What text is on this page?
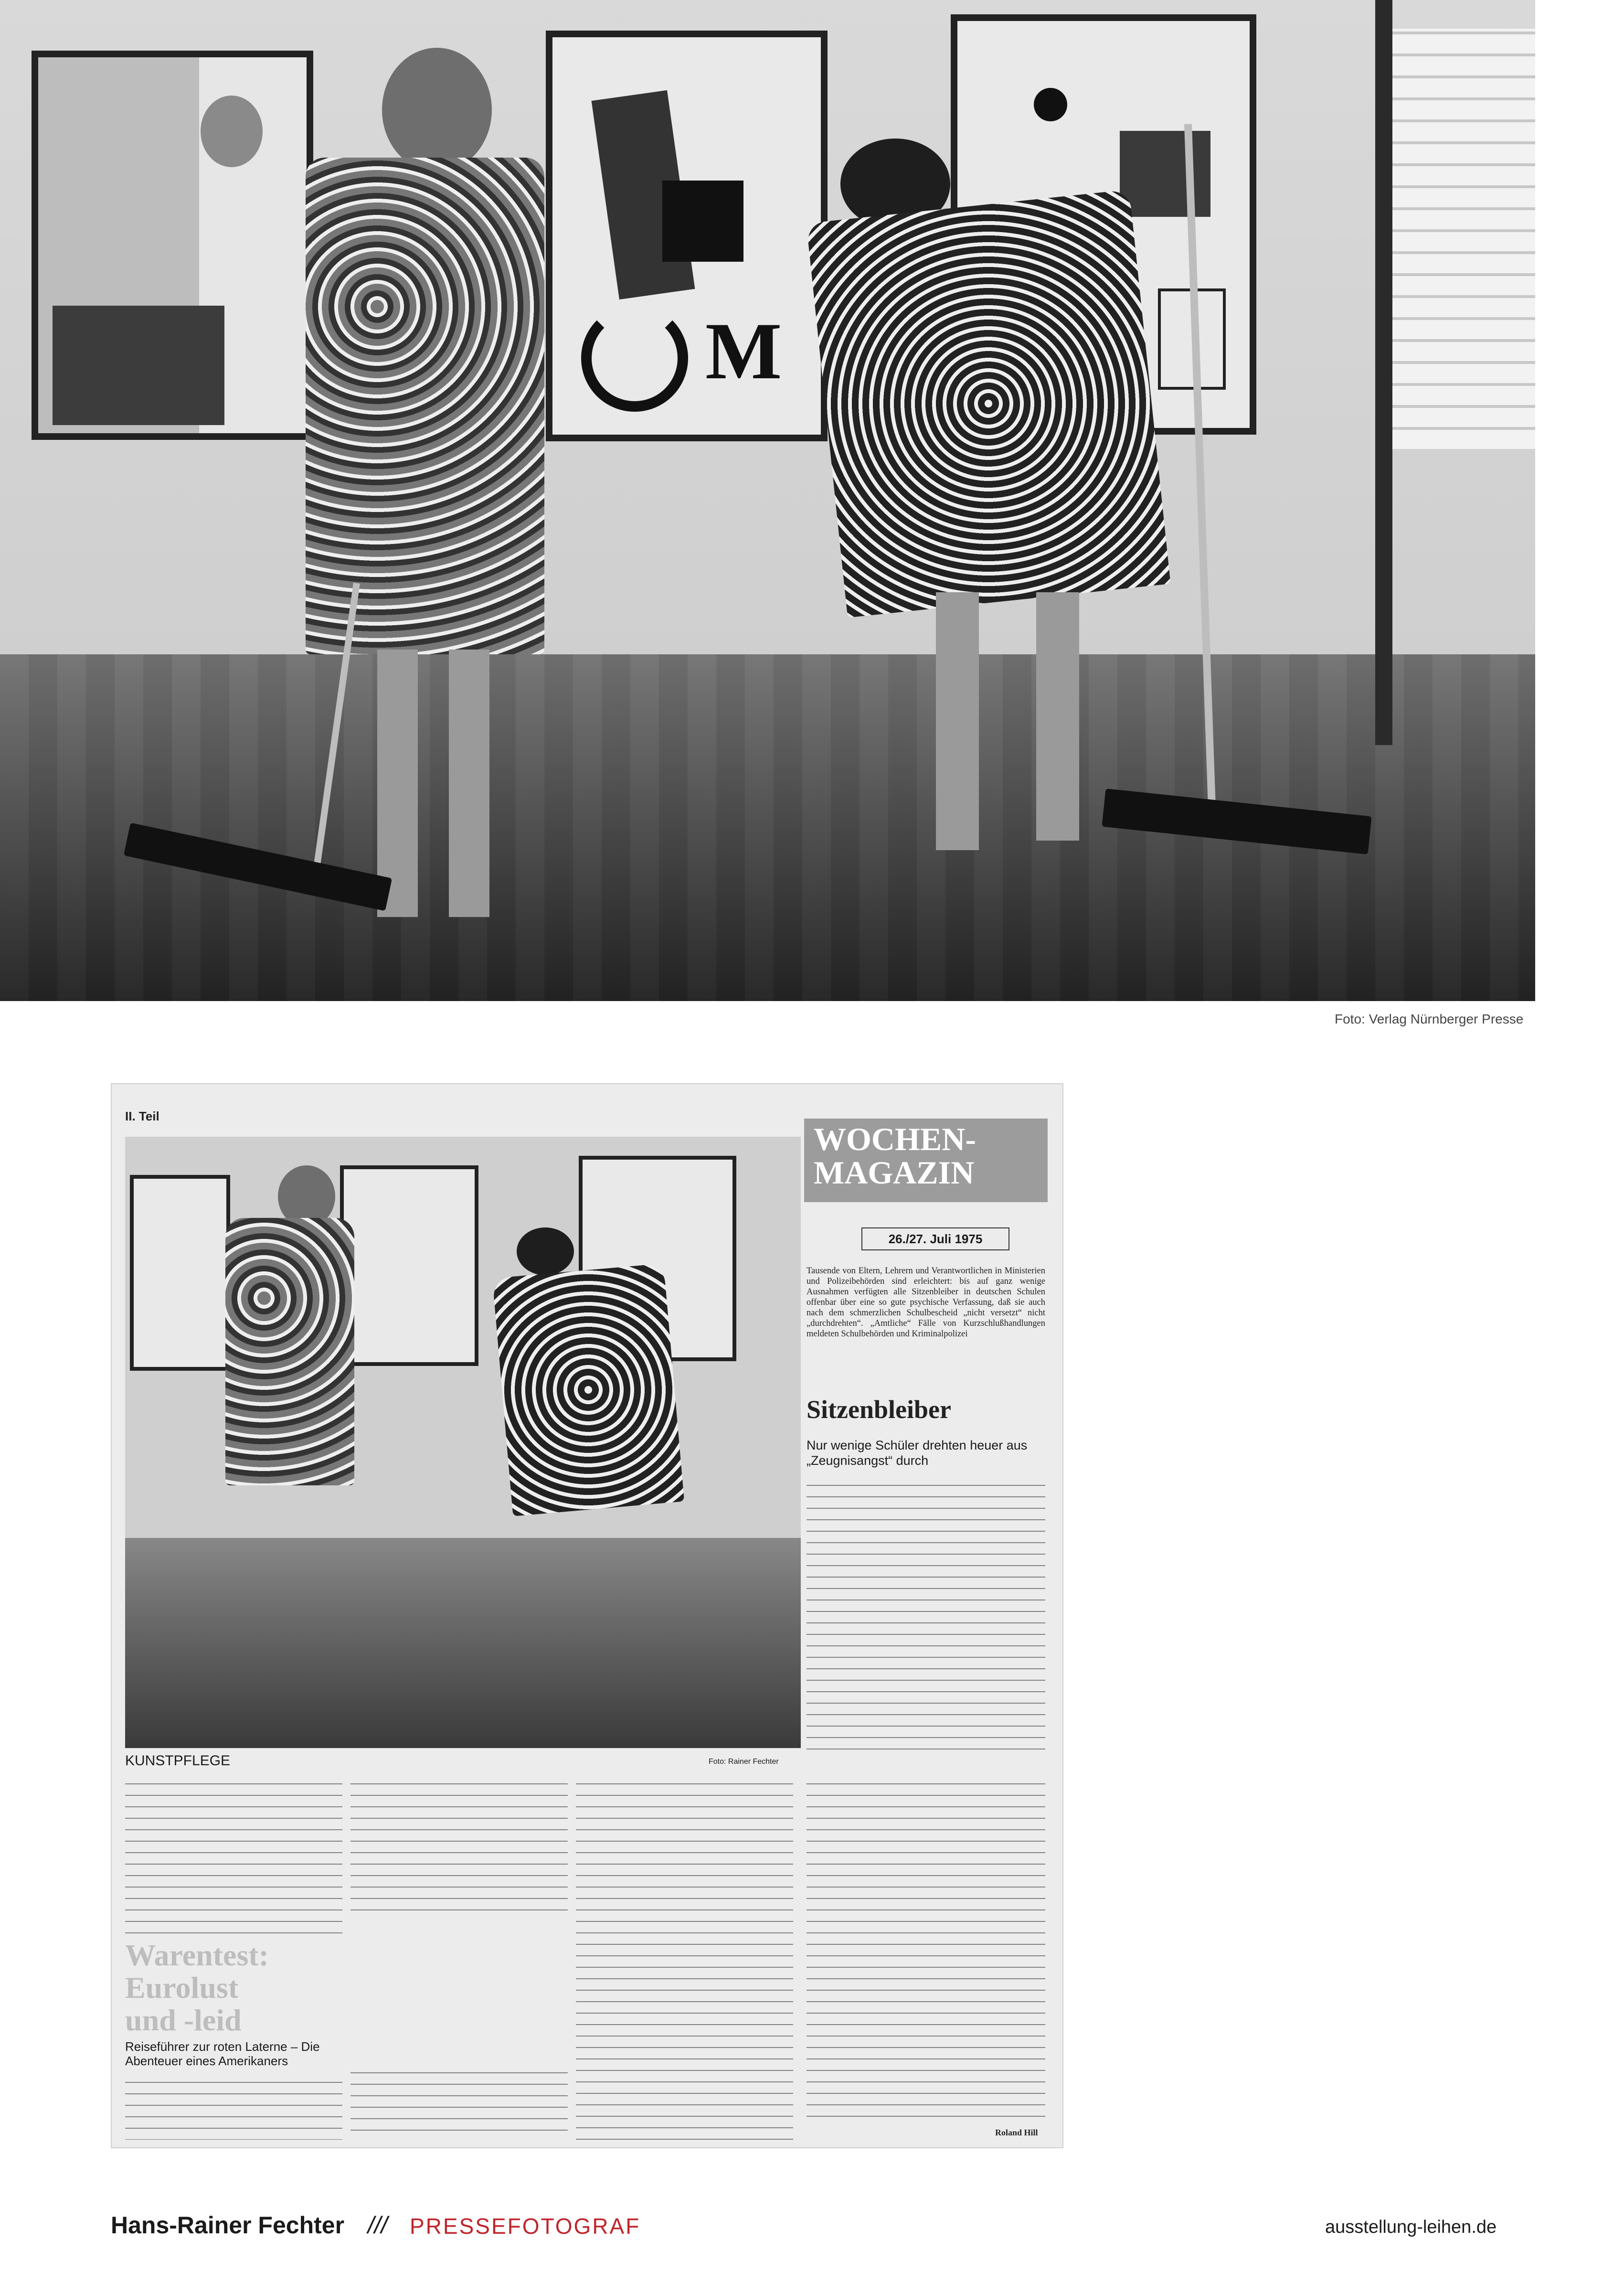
M
Foto: Verlag Nürnberger Presse
II. Teil
KUNSTPFLEGE	Foto: Rainer Fechter
WOCHEN-MAGAZIN
26./27. Juli 1975
Tausende von Eltern, Lehrern und Verantwortlichen in Ministerien und Polizeibehörden sind erleichtert: bis auf ganz wenige Ausnahmen verfügten alle Sitzenbleiber in deutschen Schulen offenbar über eine so gute psychische Verfassung, daß sie auch nach dem schmerzlichen Schulbescheid „nicht versetzt“ nicht „durchdrehten“. „Amtliche“ Fälle von Kurzschlußhandlungen meldeten Schulbehörden und Kriminalpolizei
Sitzenbleiber
Nur wenige Schüler drehten heuer aus „Zeugnisangst“ durch
Warentest:
Eurolust
und -leid
Reiseführer zur roten Laterne – Die Abenteuer eines Amerikaners
Roland Hill
Hans-Rainer Fechter /// PRESSEFOTOGRAF	ausstellung-leihen.de
